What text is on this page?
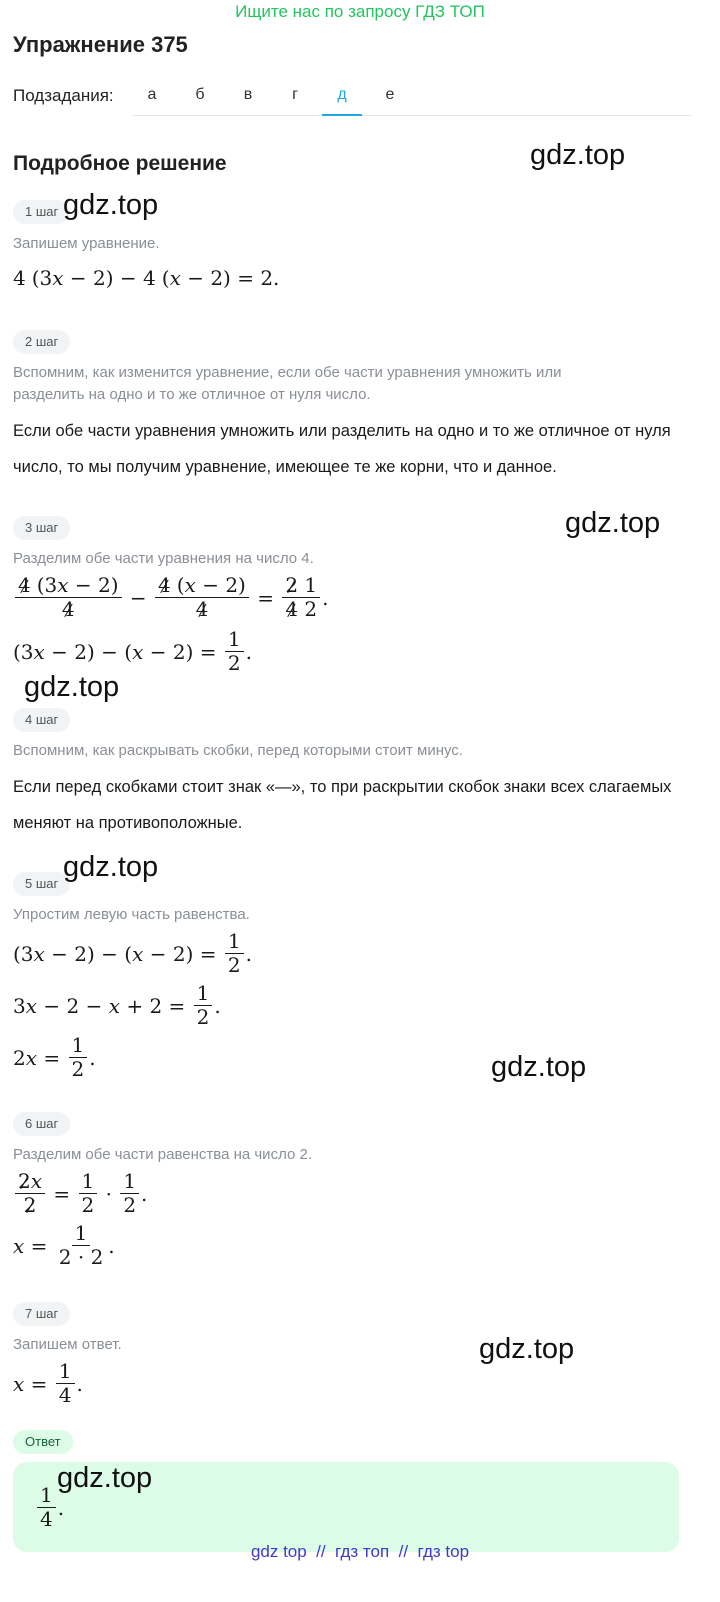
Ищите нас по запросу ГДЗ ТОП
Упражнение 375
Подзадания:	а	б	в	г	д	е
Подробное решение
1 шаг
Запишем уравнение.
4 (3 x − 2) − 4 ( x − 2) = 2.
2 шаг
Вспомним, как изменится уравнение, если обе части уравнения умножить или разделить на одно и то же отличное от нуля число.
Если обе части уравнения умножить или разделить на одно и то же отличное от нуля число, то мы получим уравнение, имеющее те же корни, что и данное.
3 шаг
Разделим обе части уравнения на число 4.
$\frac{4 (3x - 2)}{4} - \frac{4 (x - 2)}{4} = \frac{2 1}{4 2}$ .
(3 x − 2) − ( $x - 2) = \frac{1}{2}$ .
4 шаг
Вспомним, как раскрывать скобки, перед которыми стоит минус.
Если перед скобками стоит знак «—», то при раскрытии скобок знаки всех слагаемых меняют на противоположные.
5 шаг
Упростим левую часть равенства.
(3 x − 2) − ( $x - 2) = \frac{1}{2}$ .
3 $x - 2 - x + 2 = \frac{1}{2}$ .
2 $x = \frac{1}{2}$ .
6 шаг
Разделим обе части равенства на число 2.
$\frac{2x}{2} = \frac{1}{2} \cdot \frac{1}{2}$ .
$x = \frac{1}{2 \cdot 2}$ .
7 шаг
Запишем ответ.
$x = \frac{1}{4}$ .
Ответ
$\frac{1}{4}$ .
gdz.top
gdz.top
gdz.top
gdz.top
gdz.top
gdz.top
gdz.top
gdz.top
gdz top  //  гдз топ  //  гдз top
